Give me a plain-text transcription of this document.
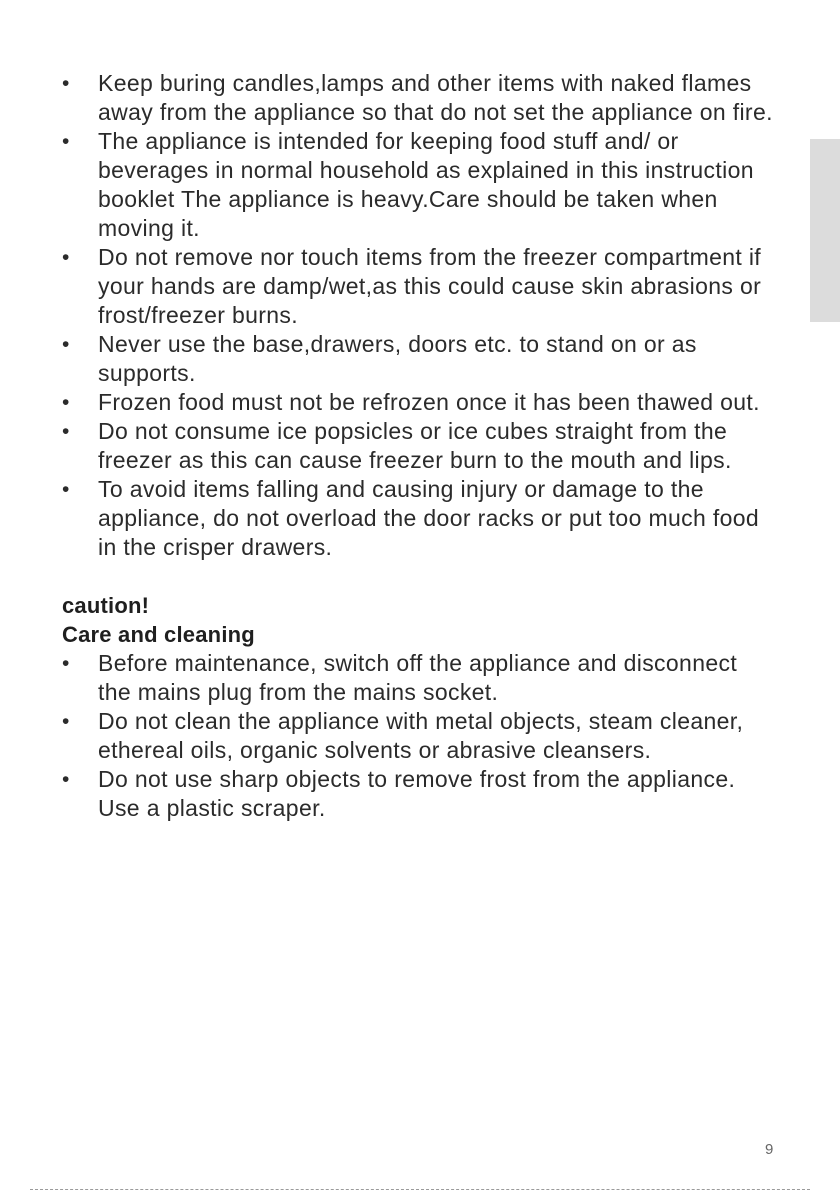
•	Keep buring candles,lamps and other items with naked flames away from the appliance so that do not set the appliance on fire.
•	The appliance is intended for keeping food stuff and/ or beverages in normal household as explained in this instruction booklet The appliance is heavy.Care should be taken when moving it.
•	Do not remove nor touch items from the freezer compartment if your hands are damp/wet,as this could cause skin abrasions or frost/freezer burns.
•	Never use the base,drawers, doors etc. to stand on or as supports.
•	Frozen food must not be refrozen once it has been thawed out.
•	Do not consume ice popsicles or ice cubes straight from the freezer as this can cause freezer burn to the mouth and lips.
•	To avoid items falling and causing injury or damage to the appliance, do not overload the door racks or put too much food in the crisper drawers.
caution!
Care and cleaning
•	Before maintenance, switch off the appliance and disconnect the mains plug from the mains socket.
•	Do not clean the appliance with metal objects, steam cleaner, ethereal oils, organic solvents or abrasive cleansers.
•	Do not use sharp objects to remove frost from the appliance. Use a plastic scraper.
9
